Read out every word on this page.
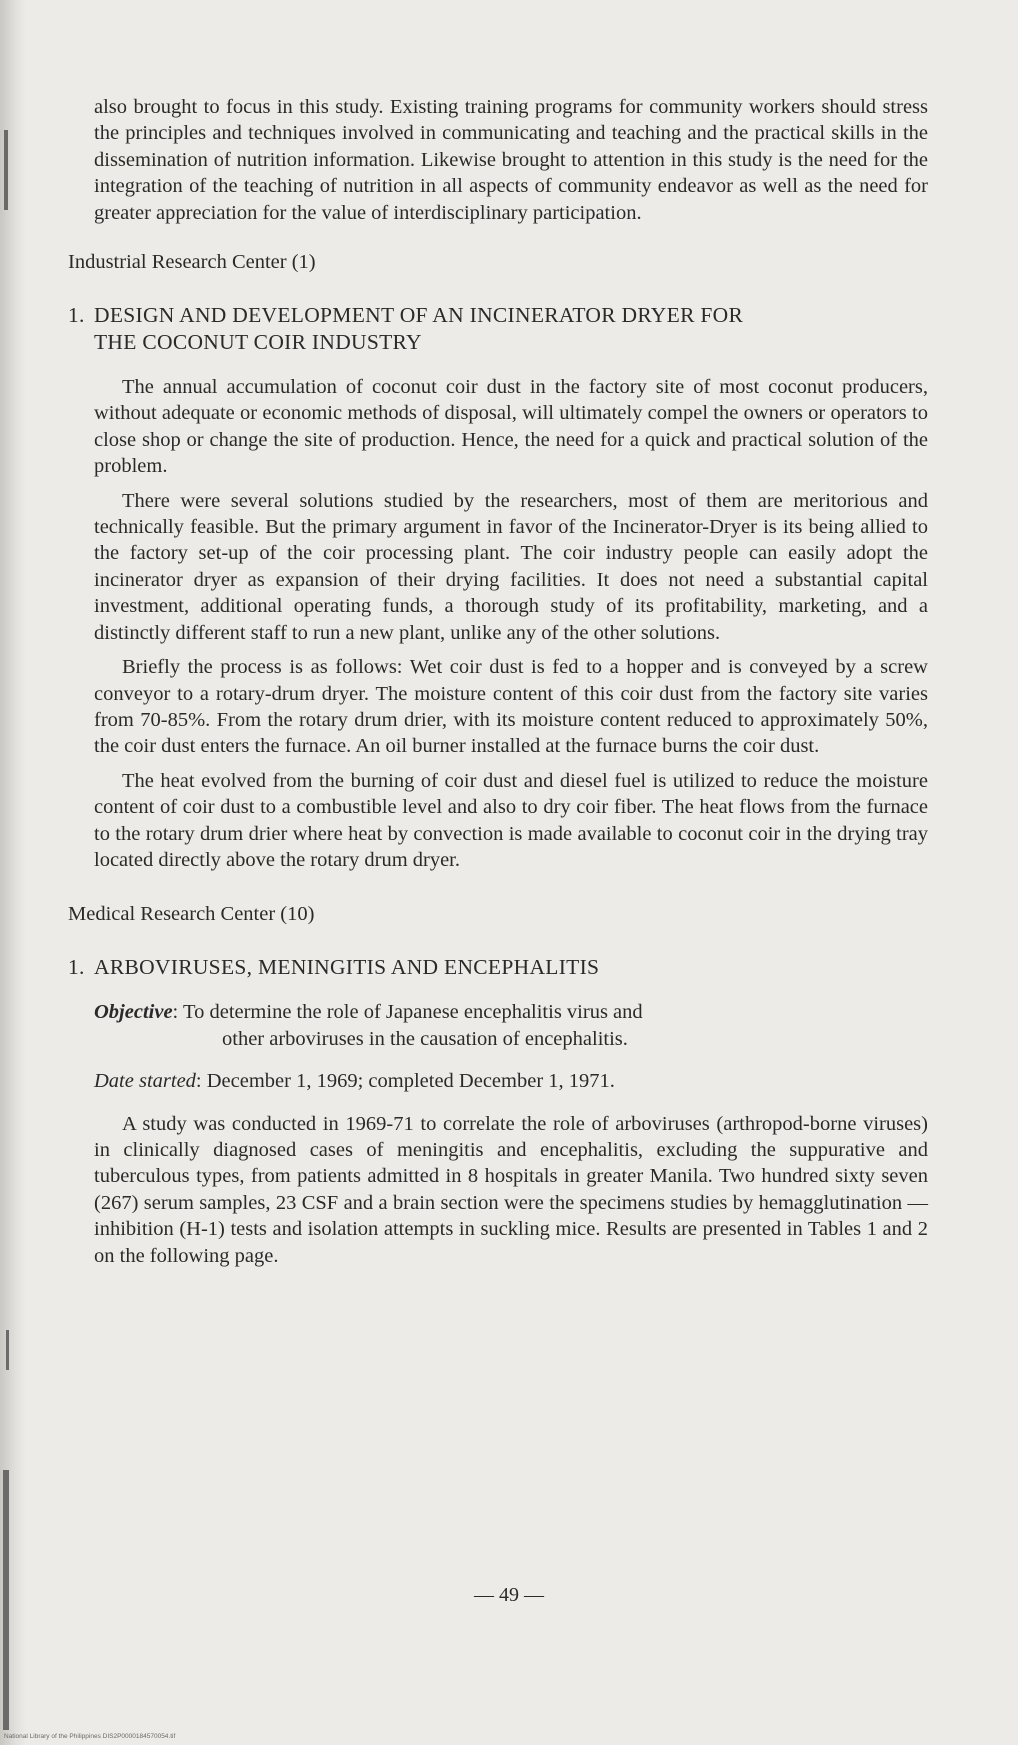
also brought to focus in this study. Existing training programs for community workers should stress the principles and techniques involved in communicating and teaching and the practical skills in the dissemination of nutrition information. Likewise brought to attention in this study is the need for the integration of the teaching of nutrition in all aspects of community endeavor as well as the need for greater appreciation for the value of interdisciplinary participation.

Industrial Research Center (1)

1. DESIGN AND DEVELOPMENT OF AN INCINERATOR DRYER FOR
THE COCONUT COIR INDUSTRY

The annual accumulation of coconut coir dust in the factory site of most coconut producers, without adequate or economic methods of disposal, will ultimately compel the owners or operators to close shop or change the site of production. Hence, the need for a quick and practical solution of the problem.

There were several solutions studied by the researchers, most of them are meritorious and technically feasible. But the primary argument in favor of the Incinerator-Dryer is its being allied to the factory set-up of the coir processing plant. The coir industry people can easily adopt the incinerator dryer as expansion of their drying facilities. It does not need a substantial capital investment, additional operating funds, a thorough study of its profitability, marketing, and a distinctly different staff to run a new plant, unlike any of the other solutions.

Briefly the process is as follows: Wet coir dust is fed to a hopper and is conveyed by a screw conveyor to a rotary-drum dryer. The moisture content of this coir dust from the factory site varies from 70-85%. From the rotary drum drier, with its moisture content reduced to approximately 50%, the coir dust enters the furnace. An oil burner installed at the furnace burns the coir dust.

The heat evolved from the burning of coir dust and diesel fuel is utilized to reduce the moisture content of coir dust to a combustible level and also to dry coir fiber. The heat flows from the furnace to the rotary drum drier where heat by convection is made available to coconut coir in the drying tray located directly above the rotary drum dryer.

Medical Research Center (10)

1. ARBOVIRUSES, MENINGITIS AND ENCEPHALITIS
Objective: To determine the role of Japanese encephalitis virus and
other arboviruses in the causation of encephalitis.
Date started: December 1, 1969; completed December 1, 1971.

A study was conducted in 1969-71 to correlate the role of arboviruses (arthropod-borne viruses) in clinically diagnosed cases of meningitis and encephalitis, excluding the suppurative and tuberculous types, from patients admitted in 8 hospitals in greater Manila. Two hundred sixty seven (267) serum samples, 23 CSF and a brain section were the specimens studies by hemagglutination — inhibition (H-1) tests and isolation attempts in suckling mice. Results are presented in Tables 1 and 2 on the following page.

— 49 —
National Library of the Philippines DIS2P0000184570054.tif
